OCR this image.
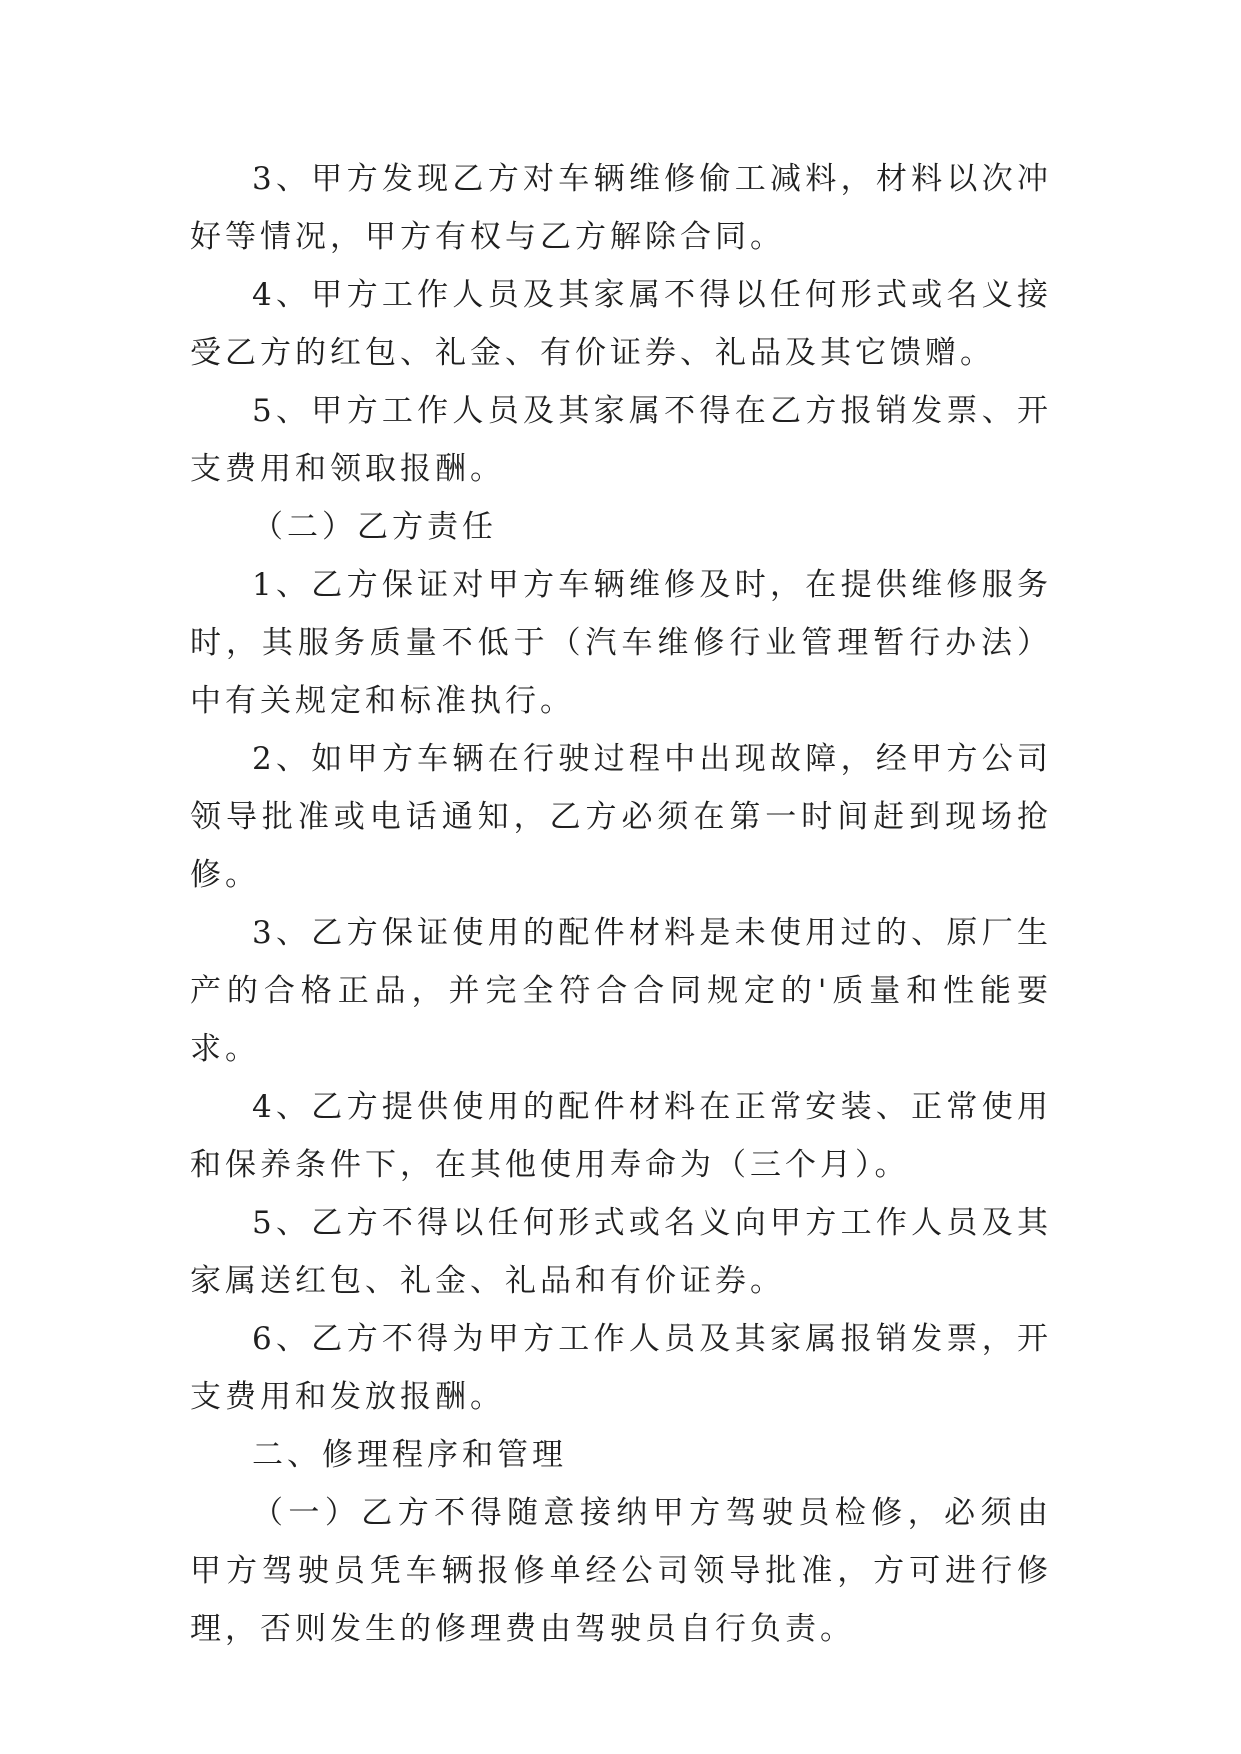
3、甲方发现乙方对车辆维修偷工减料，材料以次冲好等情况，甲方有权与乙方解除合同。

4、甲方工作人员及其家属不得以任何形式或名义接受乙方的红包、礼金、有价证券、礼品及其它馈赠。

5、甲方工作人员及其家属不得在乙方报销发票、开支费用和领取报酬。

（二）乙方责任

1、乙方保证对甲方车辆维修及时，在提供维修服务时，其服务质量不低于（汽车维修行业管理暂行办法）中有关规定和标准执行。

2、如甲方车辆在行驶过程中出现故障，经甲方公司领导批准或电话通知，乙方必须在第一时间赶到现场抢修。

3、乙方保证使用的配件材料是未使用过的、原厂生产的合格正品，并完全符合合同规定的'质量和性能要求。

4、乙方提供使用的配件材料在正常安装、正常使用和保养条件下，在其他使用寿命为（三个月）。

5、乙方不得以任何形式或名义向甲方工作人员及其家属送红包、礼金、礼品和有价证券。

6、乙方不得为甲方工作人员及其家属报销发票，开支费用和发放报酬。

二、修理程序和管理

（一）乙方不得随意接纳甲方驾驶员检修，必须由甲方驾驶员凭车辆报修单经公司领导批准，方可进行修理，否则发生的修理费由驾驶员自行负责。
